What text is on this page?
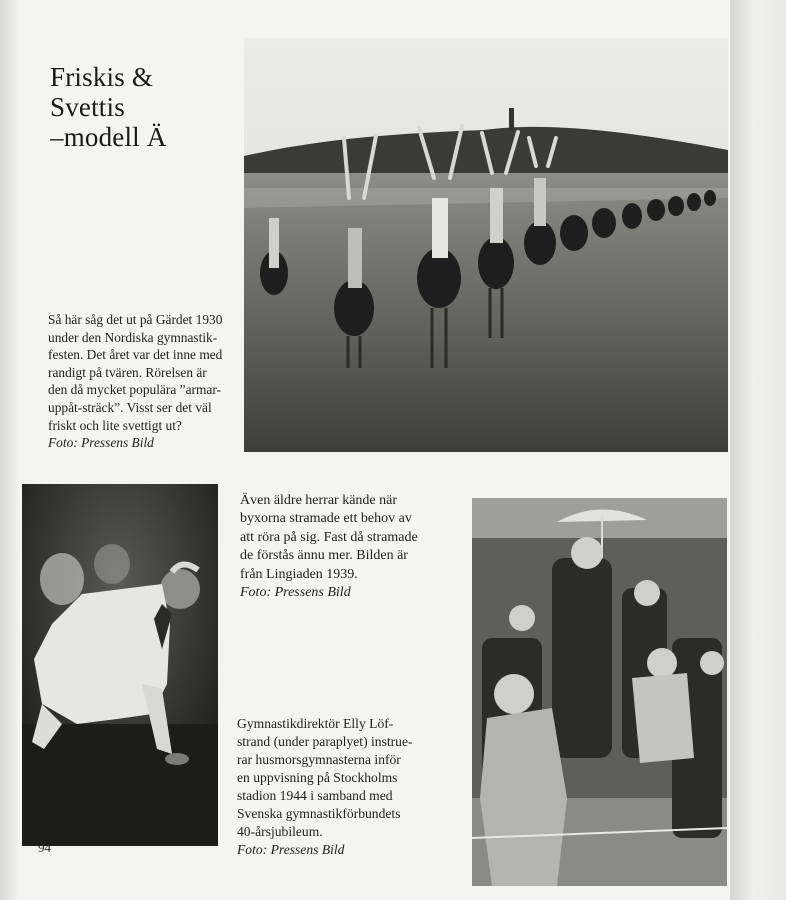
Friskis &
Svettis
–modell Ä
Så här såg det ut på Gärdet 1930
under den Nordiska gymnastik-
festen. Det året var det inne med
randigt på tvären. Rörelsen är
den då mycket populära ”armar-
uppåt-sträck”. Visst ser det väl
friskt och lite svettigt ut?
Foto: Pressens Bild
Även äldre herrar kände när
byxorna stramade ett behov av
att röra på sig. Fast då stramade
de förstås ännu mer. Bilden är
från Lingiaden 1939.
Foto: Pressens Bild
Gymnastikdirektör Elly Löf-
strand (under paraplyet) instrue-
rar husmorsgymnasterna inför
en uppvisning på Stockholms
stadion 1944 i samband med
Svenska gymnastikförbundets
40-årsjubileum.
Foto: Pressens Bild
94
